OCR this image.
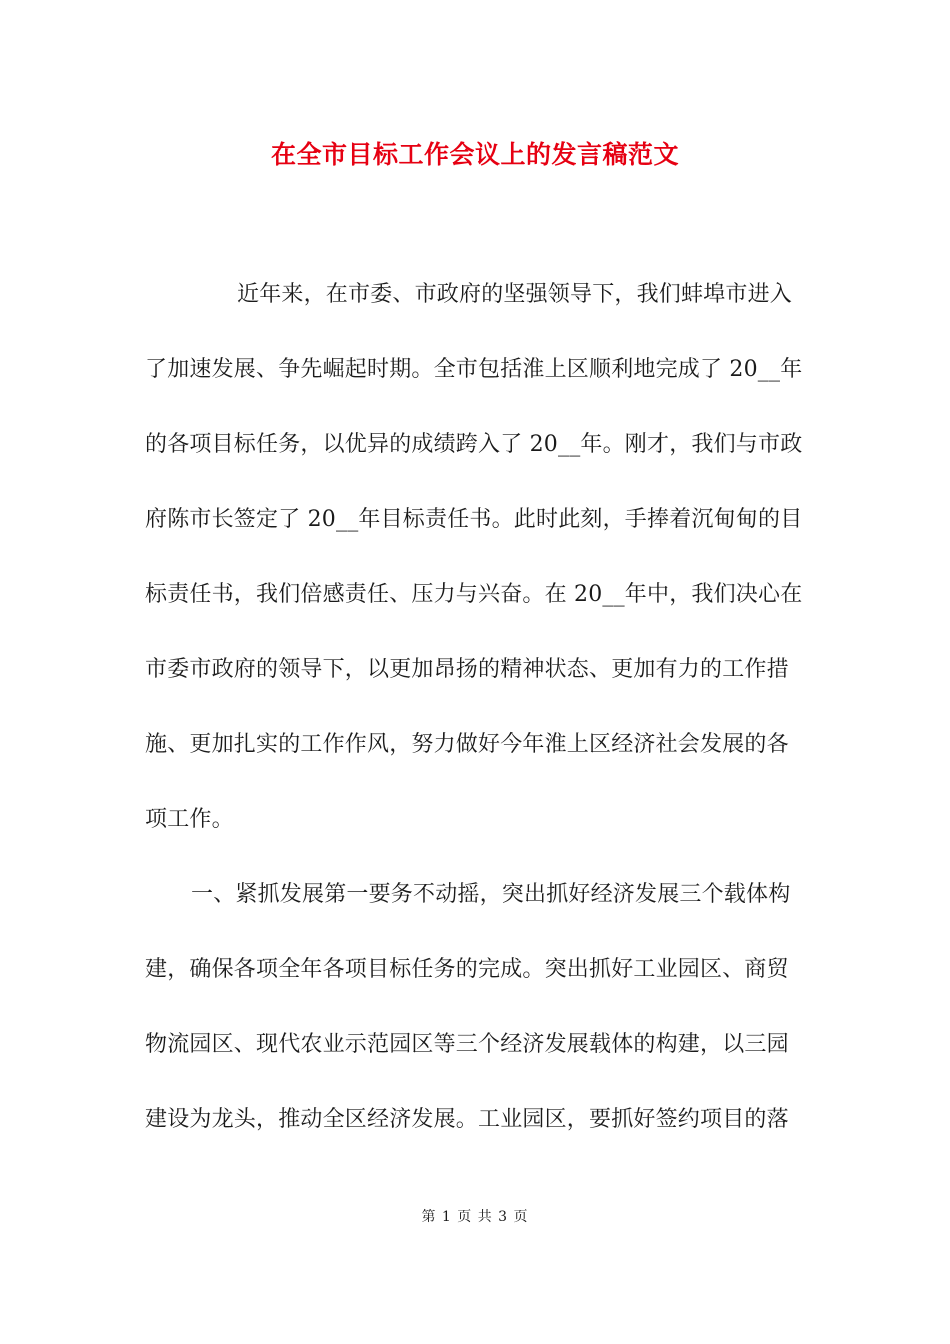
在全市目标工作会议上的发言稿范文
近年来，在市委、市政府的坚强领导下，我们蚌埠市进入
了加速发展、争先崛起时期。全市包括淮上区顺利地完成了 20__年
的各项目标任务，以优异的成绩跨入了 20__年。刚才，我们与市政
府陈市长签定了 20__年目标责任书。此时此刻，手捧着沉甸甸的目
标责任书，我们倍感责任、压力与兴奋。在 20__年中，我们决心在
市委市政府的领导下，以更加昂扬的精神状态、更加有力的工作措
施、更加扎实的工作作风，努力做好今年淮上区经济社会发展的各
项工作。
一、紧抓发展第一要务不动摇，突出抓好经济发展三个载体构
建，确保各项全年各项目标任务的完成。突出抓好工业园区、商贸
物流园区、现代农业示范园区等三个经济发展载体的构建，以三园
建设为龙头，推动全区经济发展。工业园区，要抓好签约项目的落
第 1 页 共 3 页
